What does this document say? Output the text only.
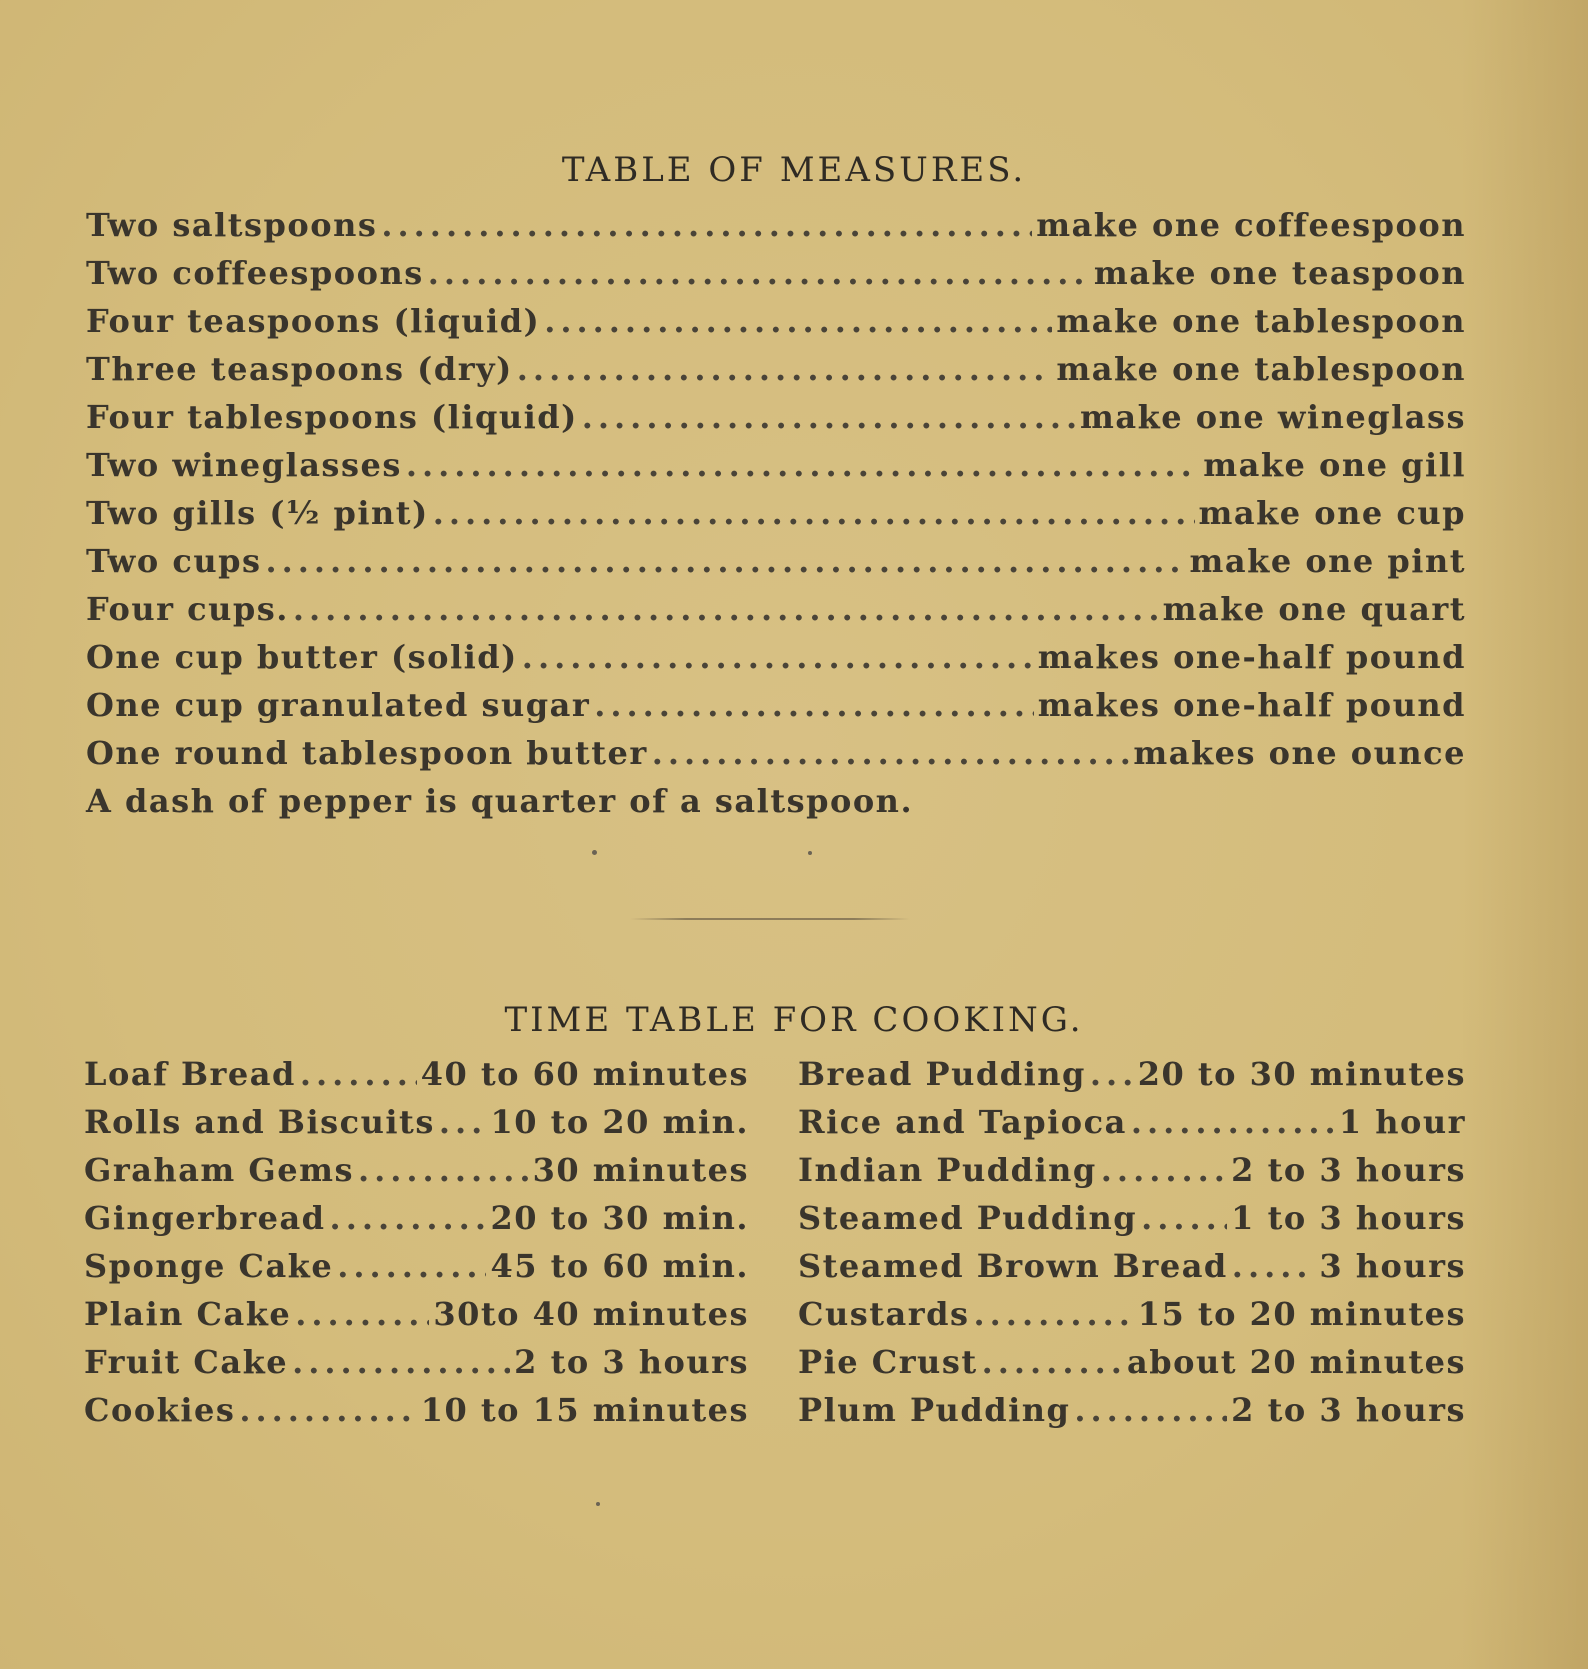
TABLE OF MEASURES.
Two saltspoons .....	make one coffeespoon
Two coffeespoons .....	make one teaspoon
Four teaspoons (liquid) .....	make one tablespoon
Three teaspoons (dry) .....	make one tablespoon
Four tablespoons (liquid) .....	make one wineglass
Two wineglasses .....	make one gill
Two gills (½ pint) .....	make one cup
Two cups .....	make one pint
Four cups. .....	make one quart
One cup butter (solid) .....	makes one-half pound
One cup granulated sugar .....	makes one-half pound
One round tablespoon butter .....	makes one ounce
A dash of pepper is quarter of a saltspoon.
TIME TABLE FOR COOKING.
Loaf Bread .....	40 to 60 minutes
Rolls and Biscuits ..... 10 to 20 min.
Graham Gems .....	30 minutes
Gingerbread .....	20 to 30 min.
Sponge Cake .....	45 to 60 min.
Plain Cake .....	30to 40 minutes
Fruit Cake .....	2 to 3 hours
Cookies .....	10 to 15 minutes
Bread Pudding ..... 20 to 30 minutes
Rice and Tapioca .....	1 hour
Indian Pudding .....	2 to 3 hours
Steamed Pudding .....	1 to 3 hours
Steamed Brown Bread .....	3 hours
Custards .....	15 to 20 minutes
Pie Crust .....	about 20 minutes
Plum Pudding .....	2 to 3 hours
